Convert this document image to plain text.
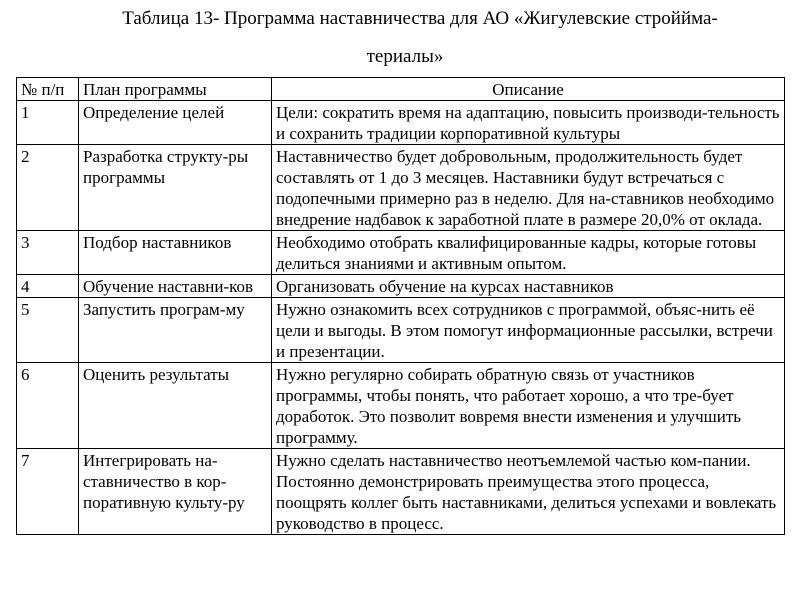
Таблица 13- Программа наставничества для АО «Жигулевские строййма-
териалы»
№ п/п	План программы	Описание
1	Определение целей	Цели: сократить время на адаптацию, повысить производи-тельность и сохранить традиции корпоративной культуры
2	Разработка структу-ры программы	Наставничество будет добровольным, продолжительность будет составлять от 1 до 3 месяцев. Наставники будут встречаться с подопечными примерно раз в неделю. Для на-ставников необходимо внедрение надбавок к заработной плате в размере 20,0% от оклада.
3	Подбор наставников	Необходимо отобрать квалифицированные кадры, которые готовы делиться знаниями и активным опытом.
4	Обучение наставни-ков	Организовать обучение на курсах наставников
5	Запустить програм-му	Нужно ознакомить всех сотрудников с программой, объяс-нить её цели и выгоды. В этом помогут информационные рассылки, встречи и презентации.
6	Оценить результаты	Нужно регулярно собирать обратную связь от участников программы, чтобы понять, что работает хорошо, а что тре-бует доработок. Это позволит вовремя внести изменения и улучшить программу.
7	Интегрировать на-ставничество в кор-поративную культу-ру	Нужно сделать наставничество неотъемлемой частью ком-пании. Постоянно демонстрировать преимущества этого процесса, поощрять коллег быть наставниками, делиться успехами и вовлекать руководство в процесс.
